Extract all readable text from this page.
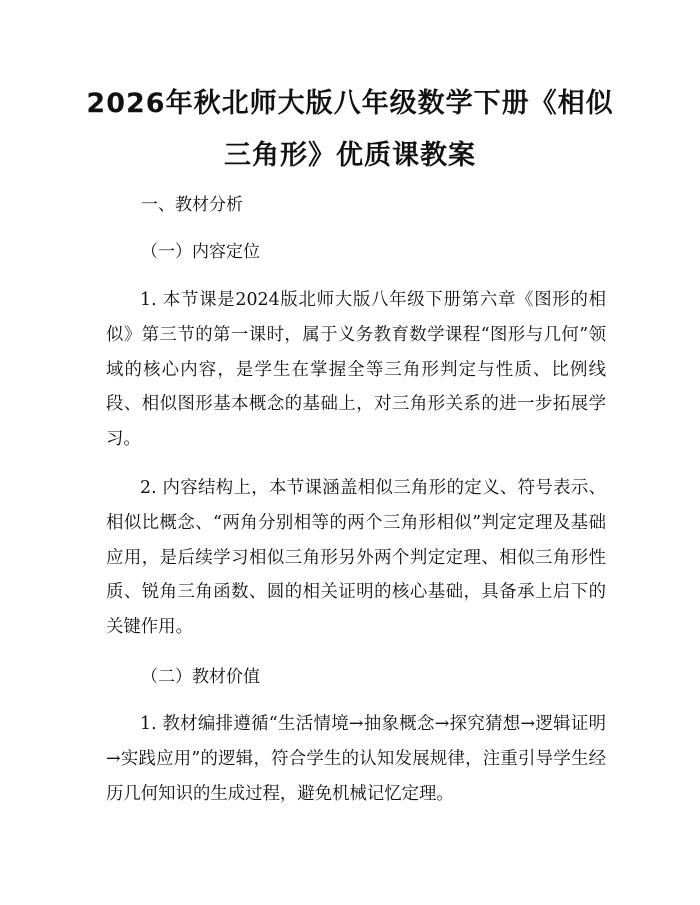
2026年秋北师大版八年级数学下册《相似三角形》优质课教案

一、教材分析

（一）内容定位

1. 本节课是2024版北师大版八年级下册第六章《图形的相似》第三节的第一课时，属于义务教育数学课程“图形与几何”领域的核心内容，是学生在掌握全等三角形判定与性质、比例线段、相似图形基本概念的基础上，对三角形关系的进一步拓展学习。

2. 内容结构上，本节课涵盖相似三角形的定义、符号表示、相似比概念、“两角分别相等的两个三角形相似”判定定理及基础应用，是后续学习相似三角形另外两个判定定理、相似三角形性质、锐角三角函数、圆的相关证明的核心基础，具备承上启下的关键作用。

（二）教材价值

1. 教材编排遵循“生活情境→抽象概念→探究猜想→逻辑证明→实践应用”的逻辑，符合学生的认知发展规律，注重引导学生经历几何知识的生成过程，避免机械记忆定理。
